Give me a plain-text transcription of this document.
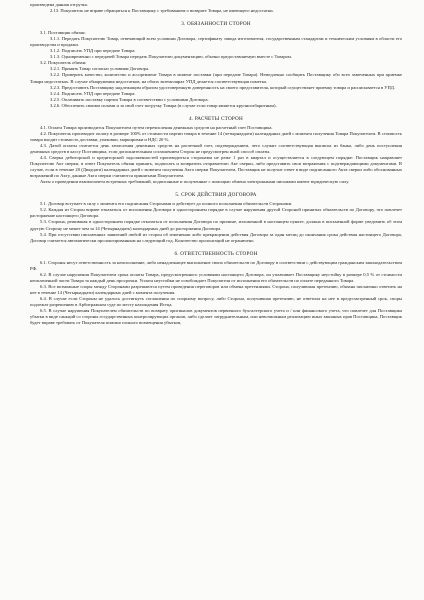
произведена данная отгрузка.

2.13. Покупатель не вправе обращаться к Поставщику с требованием о возврате Товара, не имеющего недостатки.

3. ОБЯЗАННОСТИ СТОРОН

3.1. Поставщик обязан:

3.1.1. Передать Покупателю Товар, отвечающий всем условиям Договора, сертификату завода изготовителя, государственным стандартам и техническим условиям в области его производства и продажи.

3.1.2. Подписать УПД при передаче Товара.

3.1.3. Одновременно с передачей Товара передать Покупателю документацию, обычно предоставляемую вместе с Товаром.

3.2. Покупатель обязан:

3.2.1. Принять Товар согласно условиям Договора.

3.2.2. Проверить качество, количество и ассортимент Товара в момент поставки (при передаче Товара). Немедленно сообщить Поставщику обо всех замеченных при приемке Товара недостатках. В случае обнаружения недостатков, на обоих экземплярах УПД делается соответствующая пометка.

3.2.3. Предоставить Поставщику надлежащим образом удостоверенную доверенность на своего представителя, который осуществляет приемку товара и расписывается в УПД.

3.2.4. Подписать УПД при передаче Товара.

3.2.5. Оплачивать поставку партии Товара в соответствии с условиями Договора.

3.2.6. Обеспечить своими силами и за свой счет погрузку Товара (в случае если товар является крупногабаритным).

4. РАСЧЕТЫ СТОРОН

4.1. Оплата Товара производится Покупателем путем перечисления денежных средств на расчетный счет Поставщика.

4.2. Покупатель производит оплату в размере 100% от стоимости партии товара в течение 14 (четырнадцати) календарных дней с момента получения Товара Покупателем. В стоимость товара входит стоимость доставки, упаковки, маркировки и НДС 20 %.

4.3. Датой оплаты считается день зачисления денежных средств на расчетный счет, подтверждением, чего служит соответствующая выписка из банка, либо день поступления денежных средств в кассу Поставщика, если дополнительным соглашением Сторон не предусмотрен иной способ оплаты.

4.4. Сверка дебиторской и кредиторской задолженностей производиться сторонами не реже 1 раз в квартал и осуществляется в следующем порядке: Поставщик направляет Покупателю Акт сверки, в ответ Покупатель обязан принять, подписать и возвратить отправителю Акт сверки, либо представить свои возражения с подтверждающими документами. В случае, если в течение 20 (Двадцати) календарных дней с момента получения Акта сверки Покупателем, Поставщик не получит ответ в виде подписанного Акта сверки либо обоснованных возражений по Акту, данные Акта сверки считаются принятыми Покупателем.

Акты о проведении взаимозачета встречных требований, подписанные и полученные с помощью обмена электронными письмами имеют юридическую силу.

5. СРОК ДЕЙСТВИЯ ДОГОВОРА

5.1. Договор вступает в силу с момента его подписания Сторонами и действует до полного исполнения обязательств Сторонами.

5.2. Каждая из Сторон вправе отказаться от исполнения Договора в одностороннем порядке в случае нарушения другой Стороной принятых обязательств по Договору, что повлечет расторжение настоящего Договора.

5.3. Сторона, решившая в одностороннем порядке отказаться от исполнения Договора по причине, изложенной в настоящем пункте, должна в письменной форме уведомить об этом другую Сторону не менее чем за 14 (Четырнадцать) календарных дней до расторжения Договора.

5.4. При отсутствии письменных заявлений любой из сторон об изменении либо прекращении действия Договора за один месяц до окончания срока действия настоящего Договора, Договор считается автоматически пролонгированным на следующий год. Количество пролонгаций не ограничено.

6. ОТВЕТСТВЕННОСТЬ СТОРОН

6.1. Стороны несут ответственность за неисполнение, либо ненадлежащее выполнение своих обязательств по Договору в соответствии с действующим гражданским законодательством РФ.

6.2. В случае нарушения Покупателем срока оплаты Товара, предусмотренного условиями настоящего Договора, он уплачивает Поставщику неустойку в размере 0,5 % от стоимости неоплаченной части Товара за каждый день просрочки. Уплата неустойки не освобождает Покупателя от исполнения его обязательств по оплате переданного Товара.

6.3. Все возможные споры между Сторонами разрешаются путем проведения переговоров или обмена претензиями. Сторона, получившая претензию, обязана письменно ответить на нее в течение 14 (Четырнадцати) календарных дней с момента получения.

6.4. В случае если Стороны не удалось достигнуть соглашения по спорному вопросу, либо Сторона, получившая претензию, не ответила на нее в предусмотренный срок, споры подлежат разрешению в Арбитражном суде по месту нахождения Истца.

6.5. В случае нарушения Покупателем обязательств по возврату оригиналов документов первичного бухгалтерского учета и / или финансового учета, что повлечет для Поставщика убытки в виде санкций со стороны государственных контролирующих органов, либо сделает затруднительным, или невозможным реализацию иных законных прав Поставщика, Поставщик будет вправе требовать от Покупателя помимо полного возмещения убытков,
